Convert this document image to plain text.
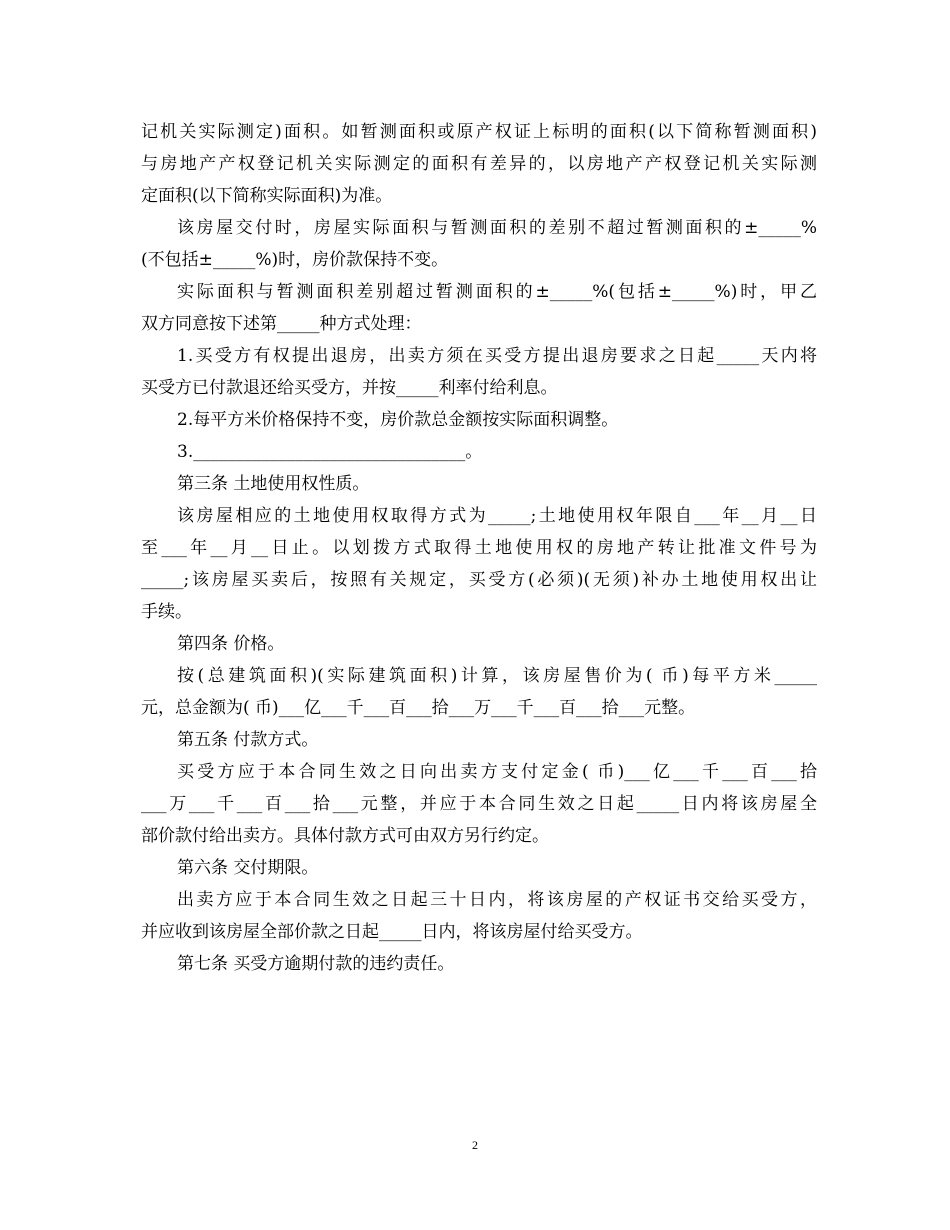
记机关实际测定)面积。如暂测面积或原产权证上标明的面积(以下简称暂测面积)
与房地产产权登记机关实际测定的面积有差异的，以房地产产权登记机关实际测
定面积(以下简称实际面积)为准。
该房屋交付时，房屋实际面积与暂测面积的差别不超过暂测面积的±_____%
(不包括±_____%)时，房价款保持不变。
实际面积与暂测面积差别超过暂测面积的±_____%(包括±_____%)时，甲乙
双方同意按下述第_____种方式处理：
1.买受方有权提出退房，出卖方须在买受方提出退房要求之日起_____天内将
买受方已付款退还给买受方，并按_____利率付给利息。
2.每平方米价格保持不变，房价款总金额按实际面积调整。
3.________________________________。
第三条 土地使用权性质。
该房屋相应的土地使用权取得方式为_____;土地使用权年限自___年__月__日
至___年__月__日止。以划拨方式取得土地使用权的房地产转让批准文件号为
_____;该房屋买卖后，按照有关规定，买受方(必须)(无须)补办土地使用权出让
手续。
第四条 价格。
按(总建筑面积)(实际建筑面积)计算，该房屋售价为( 币)每平方米_____
元，总金额为( 币)___亿___千___百___拾___万___千___百___拾___元整。
第五条 付款方式。
买受方应于本合同生效之日向出卖方支付定金( 币)___亿___千___百___拾
___万___千___百___拾___元整，并应于本合同生效之日起_____日内将该房屋全
部价款付给出卖方。具体付款方式可由双方另行约定。
第六条 交付期限。
出卖方应于本合同生效之日起三十日内，将该房屋的产权证书交给买受方，
并应收到该房屋全部价款之日起_____日内，将该房屋付给买受方。
第七条 买受方逾期付款的违约责任。
2
